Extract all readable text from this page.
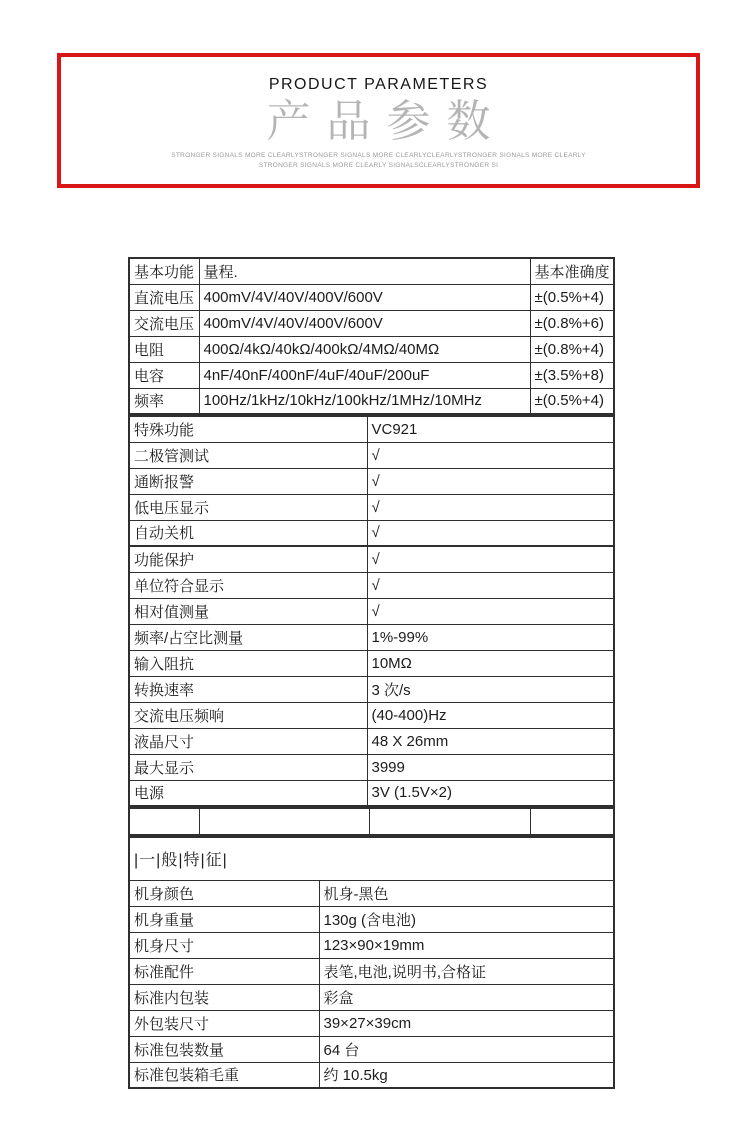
PRODUCT PARAMETERS
产品参数
STRONGER SIGNALS MORE CLEARLYSTRONGER SIGNALS MORE CLEARLYCLEARLYSTRONGER SIGNALS MORE CLEARLY
STRONGER SIGNALS MORE CLEARLY SIGNALSCLEARLYSTRONGER SI
基本功能	量程.	基本准确度
直流电压	400mV/4V/40V/400V/600V	±(0.5%+4)
交流电压	400mV/4V/40V/400V/600V	±(0.8%+6)
电阻	400Ω/4kΩ/40kΩ/400kΩ/4MΩ/40MΩ	±(0.8%+4)
电容	4nF/40nF/400nF/4uF/40uF/200uF	±(3.5%+8)
频率	100Hz/1kHz/10kHz/100kHz/1MHz/10MHz	±(0.5%+4)
特殊功能	VC921
二极管测试	√
通断报警	√
低电压显示	√
自动关机	√
功能保护	√
单位符合显示	√
相对值测量	√
频率/占空比测量	1%-99%
输入阻抗	10MΩ
转换速率	3 次/s
交流电压频响	(40-400)Hz
液晶尺寸	48 X 26mm
最大显示	3999
电源	3V (1.5V×2)

|一|般|特|征|	
机身颜色	机身-黑色
机身重量	130g (含电池)
机身尺寸	123×90×19mm
标准配件	表笔,电池,说明书,合格证
标准内包装	彩盒
外包装尺寸	39×27×39cm
标准包装数量	64 台
标准包装箱毛重	约 10.5kg
